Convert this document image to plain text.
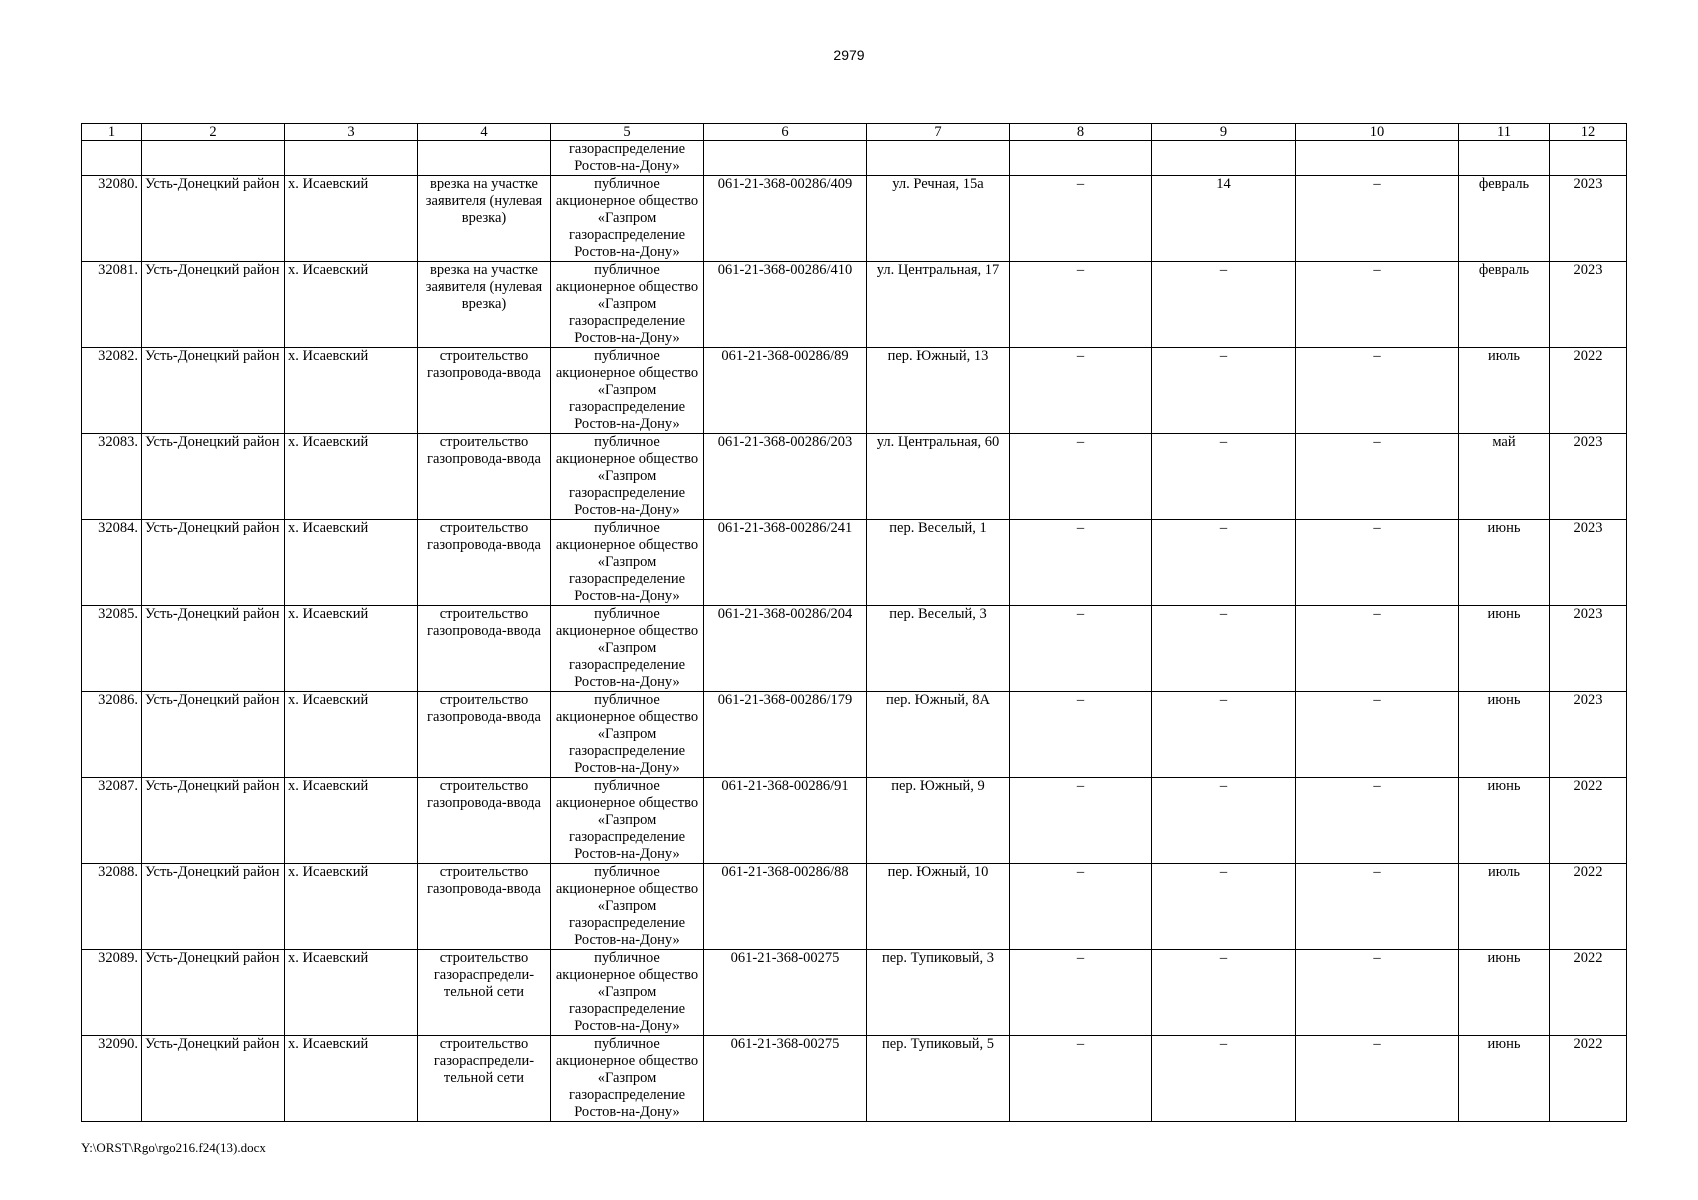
2979
1	2	3	4	5	6	7	8	9	10	11	12
				газораспределение Ростов-на-Дону»							
32080.	Усть-Донецкий район	х. Исаевский	врезка на участке заявителя (нулевая врезка)	публичное акционерное общество «Газпром газораспределение Ростов-на-Дону»	061-21-368-00286/409	ул. Речная, 15а	–	14	–	февраль	2023
32081.	Усть-Донецкий район	х. Исаевский	врезка на участке заявителя (нулевая врезка)	публичное акционерное общество «Газпром газораспределение Ростов-на-Дону»	061-21-368-00286/410	ул. Центральная, 17	–	–	–	февраль	2023
32082.	Усть-Донецкий район	х. Исаевский	строительство газопровода-ввода	публичное акционерное общество «Газпром газораспределение Ростов-на-Дону»	061-21-368-00286/89	пер. Южный, 13	–	–	–	июль	2022
32083.	Усть-Донецкий район	х. Исаевский	строительство газопровода-ввода	публичное акционерное общество «Газпром газораспределение Ростов-на-Дону»	061-21-368-00286/203	ул. Центральная, 60	–	–	–	май	2023
32084.	Усть-Донецкий район	х. Исаевский	строительство газопровода-ввода	публичное акционерное общество «Газпром газораспределение Ростов-на-Дону»	061-21-368-00286/241	пер. Веселый, 1	–	–	–	июнь	2023
32085.	Усть-Донецкий район	х. Исаевский	строительство газопровода-ввода	публичное акционерное общество «Газпром газораспределение Ростов-на-Дону»	061-21-368-00286/204	пер. Веселый, 3	–	–	–	июнь	2023
32086.	Усть-Донецкий район	х. Исаевский	строительство газопровода-ввода	публичное акционерное общество «Газпром газораспределение Ростов-на-Дону»	061-21-368-00286/179	пер. Южный, 8А	–	–	–	июнь	2023
32087.	Усть-Донецкий район	х. Исаевский	строительство газопровода-ввода	публичное акционерное общество «Газпром газораспределение Ростов-на-Дону»	061-21-368-00286/91	пер. Южный, 9	–	–	–	июнь	2022
32088.	Усть-Донецкий район	х. Исаевский	строительство газопровода-ввода	публичное акционерное общество «Газпром газораспределение Ростов-на-Дону»	061-21-368-00286/88	пер. Южный, 10	–	–	–	июль	2022
32089.	Усть-Донецкий район	х. Исаевский	строительство газораспредели-тельной сети	публичное акционерное общество «Газпром газораспределение Ростов-на-Дону»	061-21-368-00275	пер. Тупиковый, 3	–	–	–	июнь	2022
32090.	Усть-Донецкий район	х. Исаевский	строительство газораспредели-тельной сети	публичное акционерное общество «Газпром газораспределение Ростов-на-Дону»	061-21-368-00275	пер. Тупиковый, 5	–	–	–	июнь	2022
Y:\ORST\Rgo\rgo216.f24(13).docx
